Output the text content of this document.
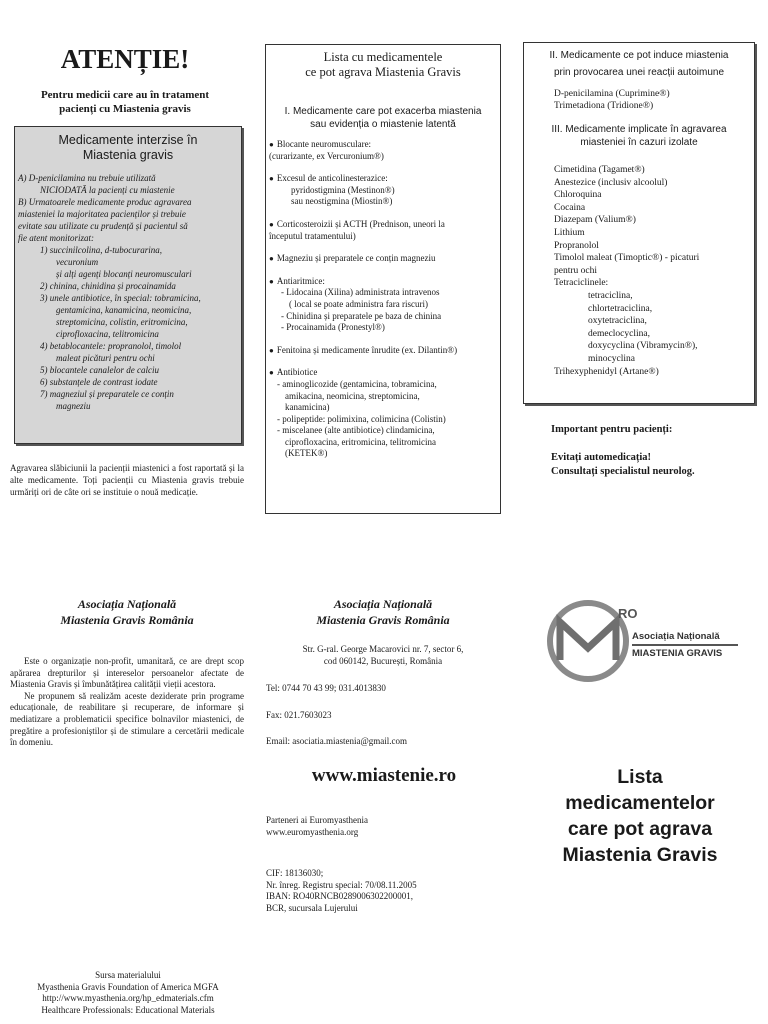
ATENȚIE!
Pentru medicii care au în tratament
pacienți cu Miastenia gravis
Medicamente interzise în
Miastenia gravis
A) D-penicilamina nu trebuie utilizată
NICIODATĂ la pacienți cu miastenie
B) Urmatoarele medicamente produc agravarea
miasteniei la majoritatea pacienților și trebuie
evitate sau utilizate cu prudență și pacientul să
fie atent monitorizat:
1) succinilcolina, d-tubocurarina,
vecuronium
și alți agenți blocanți neuromusculari
2) chinina, chinidina și procainamida
3) unele antibiotice, în special: tobramicina,
gentamicina, kanamicina, neomicina,
streptomicina, colistin, eritromicina,
ciprofloxacina, telitromicina
4) betablocantele: propranolol, timolol
maleat picături pentru ochi
5) blocantele canalelor de calciu
6) substanțele de contrast iodate
7) magneziul și preparatele ce conțin
magneziu
Agravarea slăbiciunii la pacienții miastenici a fost raportată și la alte medicamente. Toți pacienții cu Miastenia gravis trebuie urmăriți ori de câte ori se instituie o nouă medicație.
Lista cu medicamentele
ce pot agrava Miastenia Gravis
I. Medicamente care pot exacerba miastenia
sau evidenția o miastenie latentă
● Blocante neuromusculare:
(curarizante, ex Vercuronium®)
● Excesul de anticolinesterazice:
pyridostigmina (Mestinon®)
sau neostigmina (Miostin®)
● Corticosteroizii și ACTH (Prednison, uneori la
începutul tratamentului)
● Magneziu și preparatele ce conțin magneziu
● Antiaritmice:
- Lidocaina (Xilina) administrata intravenos
( local se poate administra fara riscuri)
- Chinidina și preparatele pe baza de chinina
- Procainamida (Pronestyl®)
● Fenitoina și medicamente înrudite (ex. Dilantin®)
● Antibiotice
- aminoglicozide (gentamicina, tobramicina,
amikacina, neomicina, streptomicina,
kanamicina)
- polipeptide: polimixina, colimicina (Colistin)
- miscelanee (alte antibiotice) clindamicina,
ciprofloxacina, eritromicina, telitromicina
(KETEK®)
II. Medicamente ce pot induce miastenia
prin provocarea unei reacții autoimune
D-penicilamina (Cuprimine®)
Trimetadiona (Tridione®)
III. Medicamente implicate în agravarea
miasteniei în cazuri izolate
Cimetidina (Tagamet®)
Anestezice (inclusiv alcoolul)
Chloroquina
Cocaina
Diazepam (Valium®)
Lithium
Propranolol
Timolol maleat (Timoptic®) - picaturi
pentru ochi
Tetraciclinele:
tetraciclina,
chlortetraciclina,
oxytetraciclina,
demeclocyclina,
doxycyclina (Vibramycin®),
minocyclina
Trihexyphenidyl (Artane®)
Important pentru pacienți:
Evitați automedicația!
Consultați specialistul neurolog.
Asociația Națională
Miastenia Gravis România
Este o organizație non-profit, umanitară, ce are drept scop apărarea drepturilor și intereselor persoanelor afectate de Miastenia Gravis și îmbunătățirea calității vieții acestora.
Ne propunem să realizăm aceste deziderate prin programe educaționale, de reabilitare și recuperare, de informare și mediatizare a problematicii specifice bolnavilor miastenici, de pregătire a profesioniștilor și de stimulare a cercetării medicale în domeniu.
Sursa materialului
Myasthenia Gravis Foundation of America MGFA
http://www.myasthenia.org/hp_edmaterials.cfm
Healthcare Professionals: Educational Materials
Asociația Națională
Miastenia Gravis România
Str. G-ral. George Macarovici nr. 7, sector 6,
cod 060142, București, România
Tel: 0744 70 43 99; 031.4013830
Fax: 021.7603023
Email: asociatia.miastenia@gmail.com
www.miastenie.ro
Parteneri ai Euromyasthenia
www.euromyasthenia.org
CIF: 18136030;
Nr. înreg. Registru special: 70/08.11.2005
IBAN: RO40RNCB0289006302200001,
BCR, sucursala Lujerului
RO
Asociația Națională
MIASTENIA GRAVIS
Lista
medicamentelor
care pot agrava
Miastenia Gravis
